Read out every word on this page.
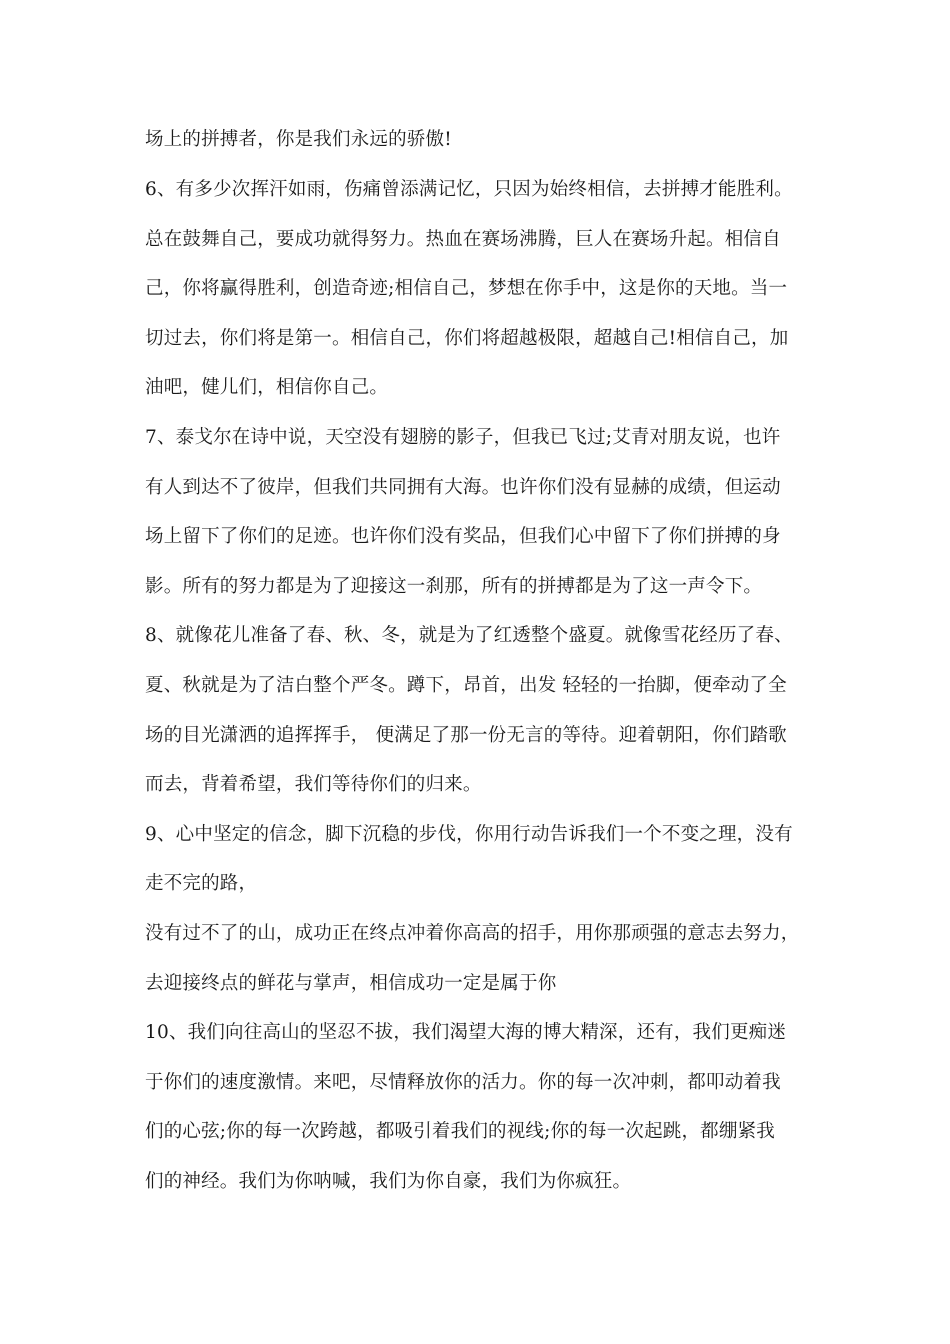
场上的拼搏者，你是我们永远的骄傲!
6、有多少次挥汗如雨，伤痛曾添满记忆，只因为始终相信，去拼搏才能胜利。
总在鼓舞自己，要成功就得努力。热血在赛场沸腾，巨人在赛场升起。相信自
己，你将赢得胜利，创造奇迹;相信自己，梦想在你手中，这是你的天地。当一
切过去，你们将是第一。相信自己，你们将超越极限，超越自己!相信自己，加
油吧，健儿们，相信你自己。
7、泰戈尔在诗中说，天空没有翅膀的影子，但我已飞过;艾青对朋友说，也许
有人到达不了彼岸，但我们共同拥有大海。也许你们没有显赫的成绩，但运动
场上留下了你们的足迹。也许你们没有奖品，但我们心中留下了你们拼搏的身
影。所有的努力都是为了迎接这一刹那，所有的拼搏都是为了这一声令下。
8、就像花儿准备了春、秋、冬，就是为了红透整个盛夏。就像雪花经历了春、
夏、秋就是为了洁白整个严冬。蹲下，昂首，出发 轻轻的一抬脚，便牵动了全
场的目光潇洒的追挥挥手， 便满足了那一份无言的等待。迎着朝阳，你们踏歌
而去，背着希望，我们等待你们的归来。
9、心中坚定的信念，脚下沉稳的步伐，你用行动告诉我们一个不变之理，没有
走不完的路，
没有过不了的山，成功正在终点冲着你高高的招手，用你那顽强的意志去努力，
去迎接终点的鲜花与掌声，相信成功一定是属于你
10、我们向往高山的坚忍不拔，我们渴望大海的博大精深，还有，我们更痴迷
于你们的速度激情。来吧，尽情释放你的活力。你的每一次冲刺，都叩动着我
们的心弦;你的每一次跨越，都吸引着我们的视线;你的每一次起跳，都绷紧我
们的神经。我们为你呐喊，我们为你自豪，我们为你疯狂。
